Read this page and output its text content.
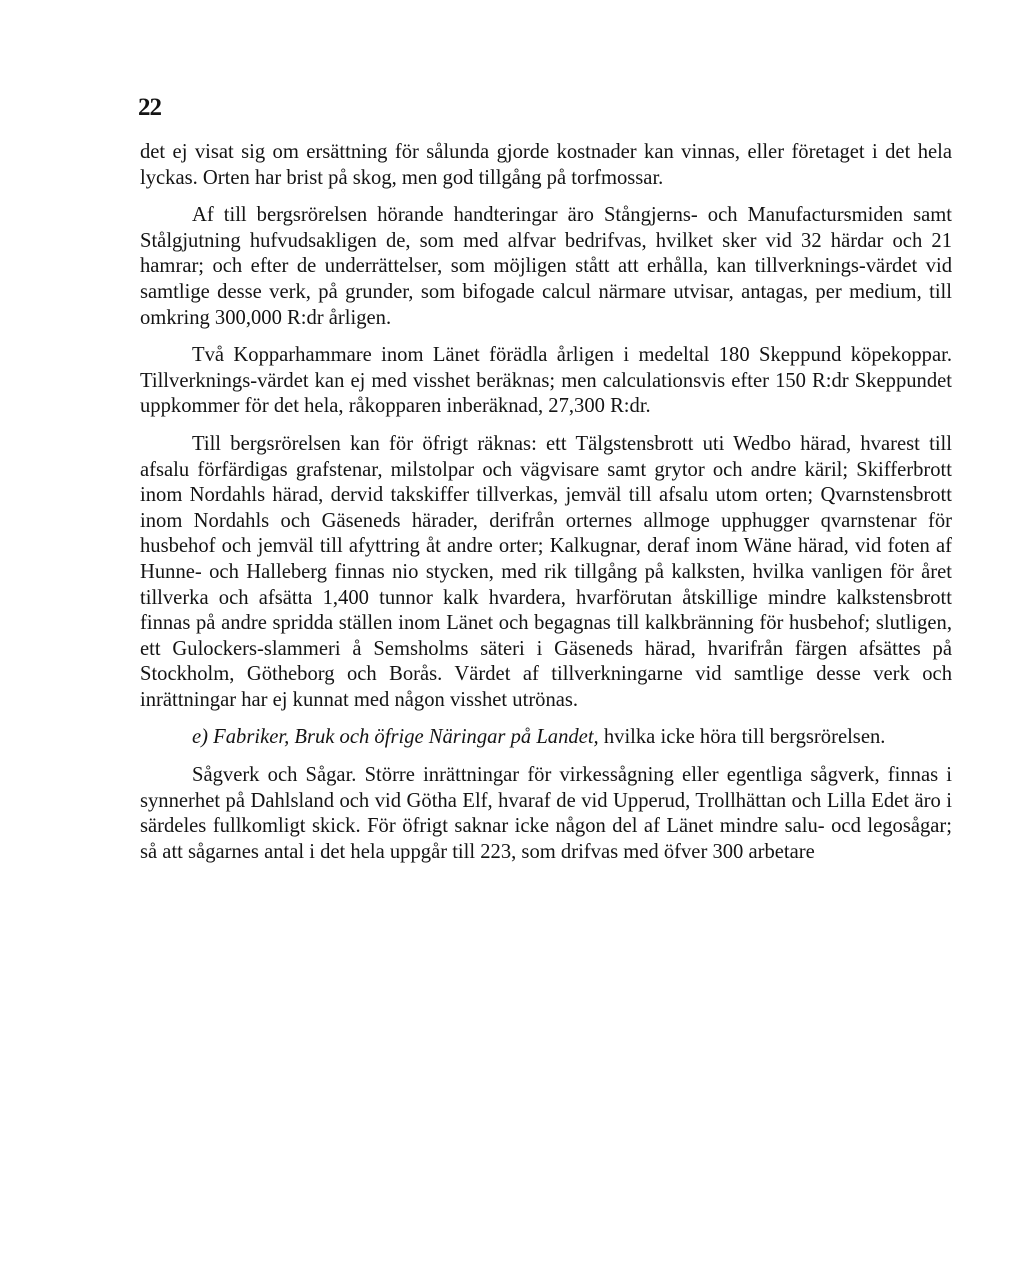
22

det ej visat sig om ersättning för sålunda gjorde kostnader kan vinnas, eller företaget i det hela lyckas. Orten har brist på skog, men god tillgång på torfmossar.

Af till bergsrörelsen hörande handteringar äro Stångjerns- och Manufactursmiden samt Stålgjutning hufvudsakligen de, som med alfvar bedrifvas, hvilket sker vid 32 härdar och 21 hamrar; och efter de underrättelser, som möjligen stått att erhålla, kan tillverknings-värdet vid samtlige desse verk, på grunder, som bifogade calcul närmare utvisar, antagas, per medium, till omkring 300,000 R:dr årligen.

Två Kopparhammare inom Länet förädla årligen i medeltal 180 Skeppund köpekoppar. Tillverknings-värdet kan ej med visshet beräknas; men calculationsvis efter 150 R:dr Skeppundet uppkommer för det hela, råkopparen inberäknad, 27,300 R:dr.

Till bergsrörelsen kan för öfrigt räknas: ett Tälgstensbrott uti Wedbo härad, hvarest till afsalu förfärdigas grafstenar, milstolpar och vägvisare samt grytor och andre käril; Skifferbrott inom Nordahls härad, dervid takskiffer tillverkas, jemväl till afsalu utom orten; Qvarnstensbrott inom Nordahls och Gäseneds härader, derifrån orternes allmoge upphugger qvarnstenar för husbehof och jemväl till afyttring åt andre orter; Kalkugnar, deraf inom Wäne härad, vid foten af Hunne- och Halleberg finnas nio stycken, med rik tillgång på kalksten, hvilka vanligen för året tillverka och afsätta 1,400 tunnor kalk hvardera, hvarförutan åtskillige mindre kalkstensbrott finnas på andre spridda ställen inom Länet och begagnas till kalkbränning för husbehof; slutligen, ett Gulockers-slammeri å Semsholms säteri i Gäseneds härad, hvarifrån färgen afsättes på Stockholm, Götheborg och Borås. Värdet af tillverkningarne vid samtlige desse verk och inrättningar har ej kunnat med någon visshet utrönas.

e) Fabriker, Bruk och öfrige Näringar på Landet, hvilka icke höra till bergsrörelsen.

Sågverk och Sågar. Större inrättningar för virkessågning eller egentliga sågverk, finnas i synnerhet på Dahlsland och vid Götha Elf, hvaraf de vid Upperud, Trollhättan och Lilla Edet äro i särdeles fullkomligt skick. För öfrigt saknar icke någon del af Länet mindre salu- ocd legosågar; så att sågarnes antal i det hela uppgår till 223, som drifvas med öfver 300 arbetare
